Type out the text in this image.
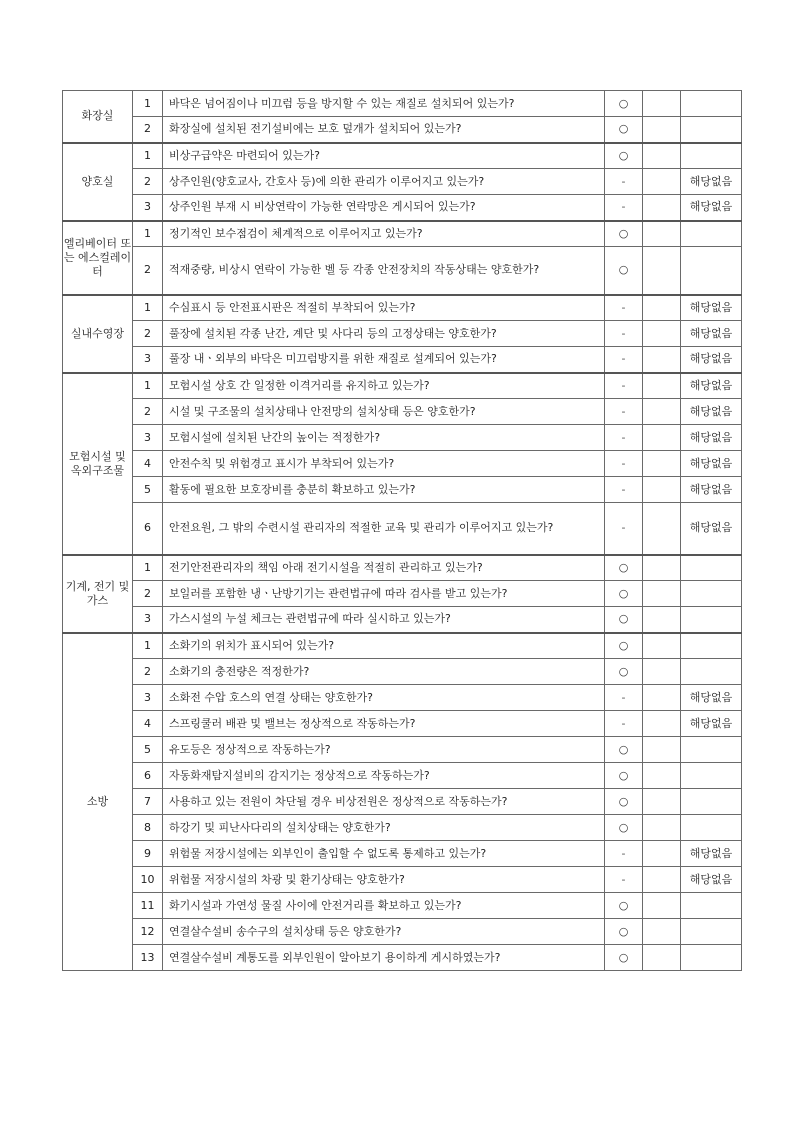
화장실	1	바닥은 넘어짐이나 미끄럼 등을 방지할 수 있는 재질로 설치되어 있는가?	○		
	2	화장실에 설치된 전기설비에는 보호 덮개가 설치되어 있는가?	○		
양호실	1	비상구급약은 마련되어 있는가?	○		
	2	상주인원(양호교사, 간호사 등)에 의한 관리가 이루어지고 있는가?	-		해당없음
	3	상주인원 부재 시 비상연락이 가능한 연락망은 게시되어 있는가?	-		해당없음
엘리베이터 또는 에스컬레이터	1	정기적인 보수점검이 체계적으로 이루어지고 있는가?	○		
	2	적재중량, 비상시 연락이 가능한 벨 등 각종 안전장치의 작동상태는 양호한가?	○		
실내수영장	1	수심표시 등 안전표시판은 적절히 부착되어 있는가?	-		해당없음
	2	풀장에 설치된 각종 난간, 계단 및 사다리 등의 고정상태는 양호한가?	-		해당없음
	3	풀장 내ㆍ외부의 바닥은 미끄럼방지를 위한 재질로 설계되어 있는가?	-		해당없음
모험시설 및 옥외구조물	1	모험시설 상호 간 일정한 이격거리를 유지하고 있는가?	-		해당없음
	2	시설 및 구조물의 설치상태나 안전망의 설치상태 등은 양호한가?	-		해당없음
	3	모험시설에 설치된 난간의 높이는 적정한가?	-		해당없음
	4	안전수칙 및 위험경고 표시가 부착되어 있는가?	-		해당없음
	5	활동에 필요한 보호장비를 충분히 확보하고 있는가?	-		해당없음
	6	안전요원, 그 밖의 수련시설 관리자의 적절한 교육 및 관리가 이루어지고 있는가?	-		해당없음
기계, 전기 및 가스	1	전기안전관리자의 책임 아래 전기시설을 적절히 관리하고 있는가?	○		
	2	보일러를 포함한 냉ㆍ난방기기는 관련법규에 따라 검사를 받고 있는가?	○		
	3	가스시설의 누설 체크는 관련법규에 따라 실시하고 있는가?	○		
소방	1	소화기의 위치가 표시되어 있는가?	○		
	2	소화기의 충전량은 적정한가?	○		
	3	소화전 수압 호스의 연결 상태는 양호한가?	-		해당없음
	4	스프링쿨러 배관 및 밸브는 정상적으로 작동하는가?	-		해당없음
	5	유도등은 정상적으로 작동하는가?	○		
	6	자동화재탐지설비의 감지기는 정상적으로 작동하는가?	○		
	7	사용하고 있는 전원이 차단될 경우 비상전원은 정상적으로 작동하는가?	○		
	8	하강기 및 피난사다리의 설치상태는 양호한가?	○		
	9	위험물 저장시설에는 외부인이 출입할 수 없도록 통제하고 있는가?	-		해당없음
	10	위험물 저장시설의 차광 및 환기상태는 양호한가?	-		해당없음
	11	화기시설과 가연성 물질 사이에 안전거리를 확보하고 있는가?	○		
	12	연결살수설비 송수구의 설치상태 등은 양호한가?	○		
	13	연결살수설비 계통도를 외부인원이 알아보기 용이하게 게시하였는가?	○		
